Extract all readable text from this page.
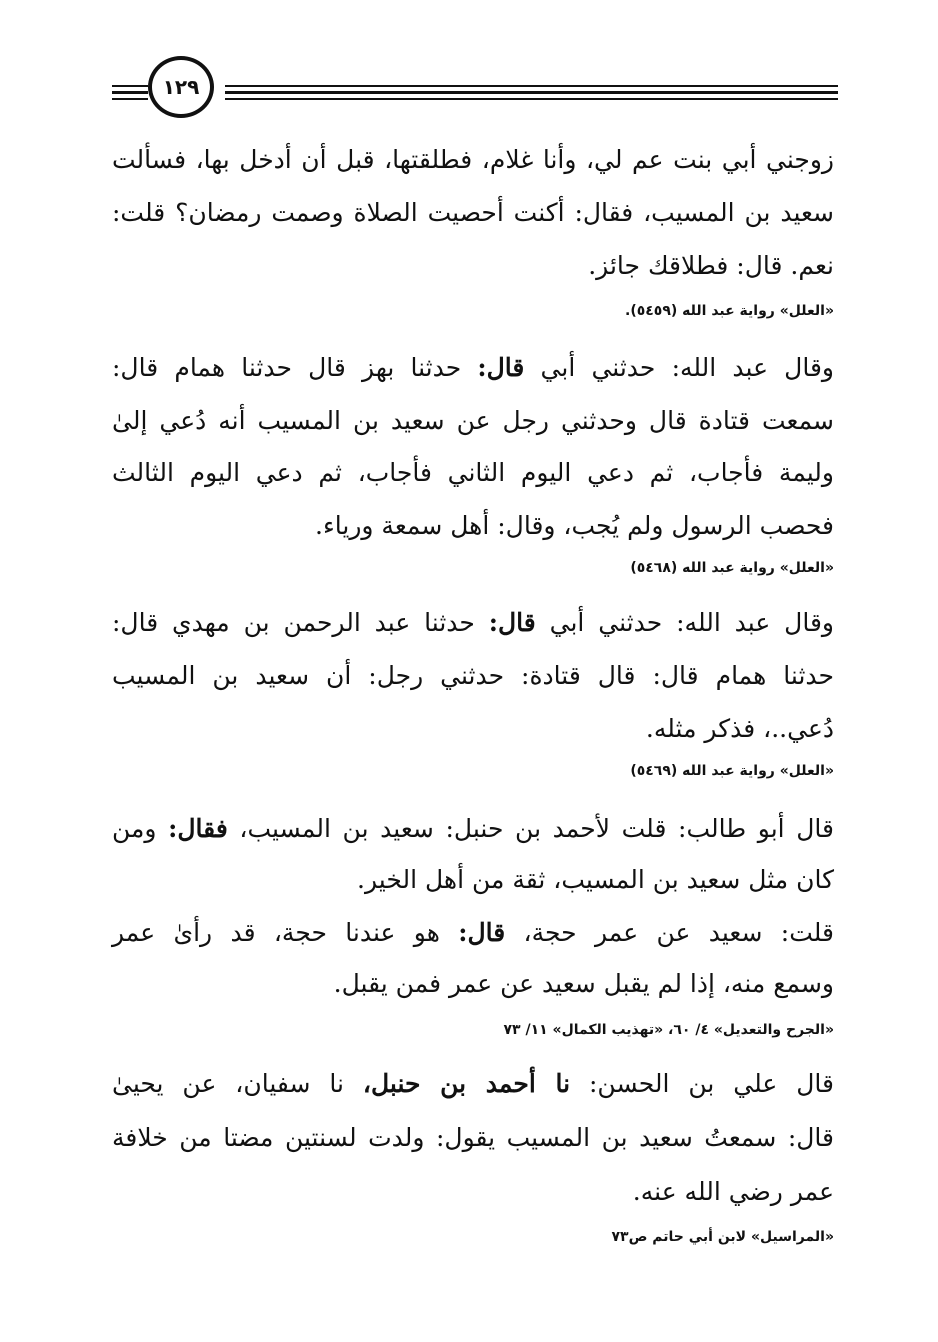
١٢٩
زوجني أبي بنت عم لي، وأنا غلام، فطلقتها، قبل أن أدخل بها، فسألت
سعيد بن المسيب، فقال: أكنت أحصيت الصلاة وصمت رمضان؟ قلت:
نعم. قال: فطلاقك جائز.
«العلل» رواية عبد الله (٥٤٥٩).
وقال عبد الله: حدثني أبي قال: حدثنا بهز قال حدثنا همام قال:
سمعت قتادة قال وحدثني رجل عن سعيد بن المسيب أنه دُعي إلىٰ
وليمة فأجاب، ثم دعي اليوم الثاني فأجاب، ثم دعي اليوم الثالث
فحصب الرسول ولم يُجب، وقال: أهل سمعة ورياء.
«العلل» رواية عبد الله (٥٤٦٨)
وقال عبد الله: حدثني أبي قال: حدثنا عبد الرحمن بن مهدي قال:
حدثنا همام قال: قال قتادة: حدثني رجل: أن سعيد بن المسيب
دُعي..، فذكر مثله.
«العلل» رواية عبد الله (٥٤٦٩)
قال أبو طالب: قلت لأحمد بن حنبل: سعيد بن المسيب، فقال: ومن
كان مثل سعيد بن المسيب، ثقة من أهل الخير.
قلت: سعيد عن عمر حجة، قال: هو عندنا حجة، قد رأىٰ عمر
وسمع منه، إذا لم يقبل سعيد عن عمر فمن يقبل.
«الجرح والتعديل» ٤/ ٦٠، «تهذيب الكمال» ١١/ ٧٣
قال علي بن الحسن: نا أحمد بن حنبل، نا سفيان، عن يحيىٰ
قال: سمعتُ سعيد بن المسيب يقول: ولدت لسنتين مضتا من خلافة
عمر رضي الله عنه.
«المراسيل» لابن أبي حاتم ص٧٣
